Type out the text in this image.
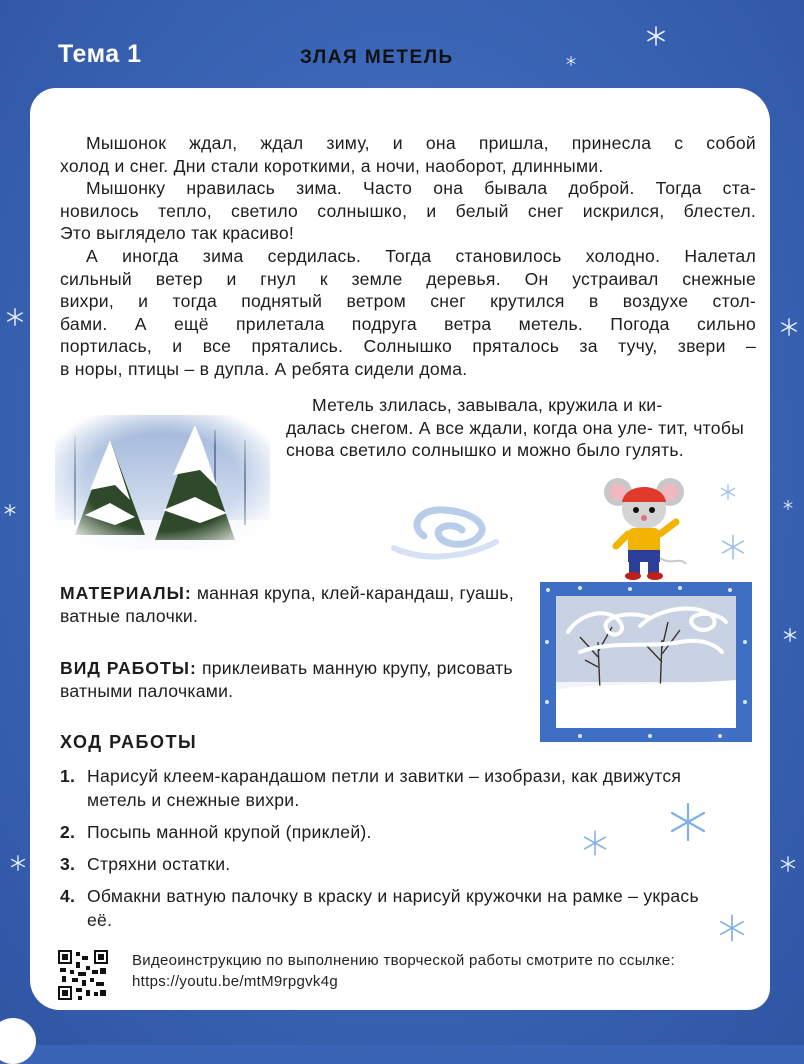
Тема 1	ЗЛАЯ МЕТЕЛЬ

Мышонок ждал, ждал зиму, и она пришла, принесла с собой

холод и снег. Дни стали короткими, а ночи, наоборот, длинными.

Мышонку нравилась зима. Часто она бывала доброй. Тогда ста-

новилось тепло, светило солнышко, и белый снег искрился, блестел.
Это выглядело так красиво!

А иногда зима сердилась. Тогда становилось холодно. Налетал

сильный ветер и гнул к земле деревья. Он устраивал снежные
вихри, и тогда поднятый ветром снег крутился в воздухе стол-
бами. А ещё прилетала подруга ветра метель. Погода сильно
портилась, и все прятались. Солнышко пряталось за тучу, звери –
в норы, птицы – в дупла. А ребята сидели дома.

Метель злилась, завывала, кружила и ки-

далась снегом. А все ждали, когда она уле- тит, чтобы снова светило солнышко и можно было гулять.
МАТЕРИАЛЫ: манная крупа, клей-карандаш, гуашь, ватные палочки.
ВИД РАБОТЫ: приклеивать манную крупу, рисовать ватными палочками.
ХОД РАБОТЫ
1. Нарисуй клеем-карандашом петли и завитки – изобрази, как движутся метель и снежные вихри.
2. Посыпь манной крупой (приклей).
3. Стряхни остатки.
4. Обмакни ватную палочку в краску и нарисуй кружочки на рамке – укрась её.
Видеоинструкцию по выполнению творческой работы смотрите по ссылке: https://youtu.be/mtM9rpgvk4g
